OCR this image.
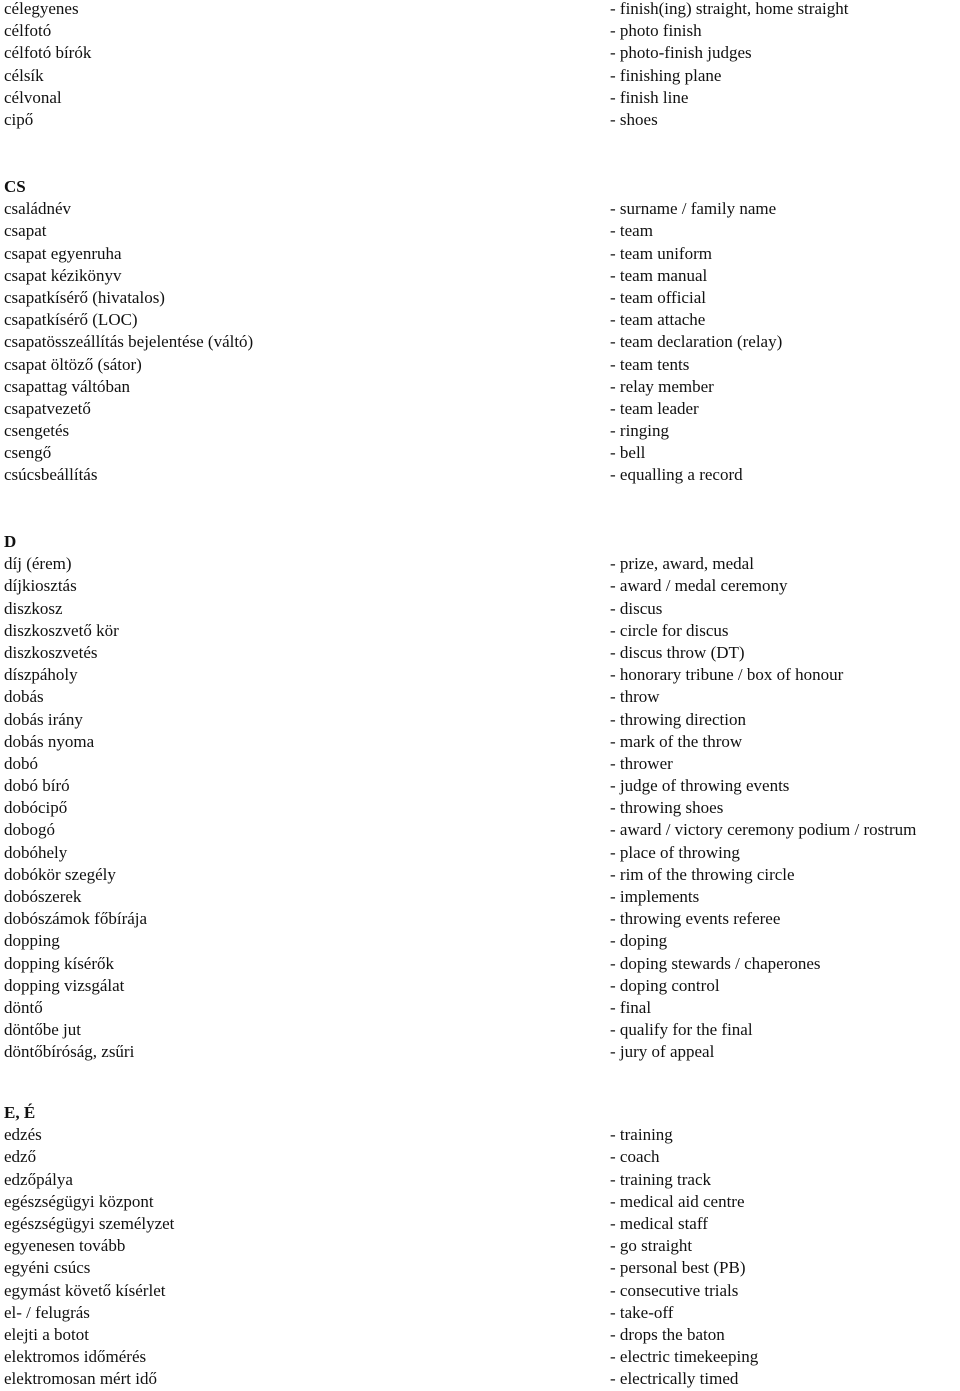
célegyenes	- finish(ing) straight, home straight
célfotó	- photo finish
célfotó bírók	- photo-finish judges
célsík	- finishing plane
célvonal	- finish line
cipő	- shoes
CS
családnév	- surname / family name
csapat	- team
csapat egyenruha	- team uniform
csapat kézikönyv	- team manual
csapatkísérő (hivatalos)	- team official
csapatkísérő (LOC)	- team attache
csapatösszeállítás bejelentése (váltó)	- team declaration (relay)
csapat öltöző (sátor)	- team tents
csapattag váltóban	- relay member
csapatvezető	- team leader
csengetés	- ringing
csengő	- bell
csúcsbeállítás	- equalling a record
D
díj (érem)	- prize, award, medal
díjkiosztás	- award / medal ceremony
diszkosz	- discus
diszkoszvető kör	- circle for discus
diszkoszvetés	- discus throw (DT)
díszpáholy	- honorary tribune / box of honour
dobás	- throw
dobás irány	- throwing direction
dobás nyoma	- mark of the throw
dobó	- thrower
dobó bíró	- judge of throwing events
dobócipő	- throwing shoes
dobogó	- award / victory ceremony podium / rostrum
dobóhely	- place of throwing
dobókör szegély	- rim of the throwing circle
dobószerek	- implements
dobószámok főbírája	- throwing events referee
dopping	- doping
dopping kísérők	- doping stewards / chaperones
dopping vizsgálat	- doping control
döntő	- final
döntőbe jut	- qualify for the final
döntőbíróság, zsűri	- jury of appeal
E, É
edzés	- training
edző	- coach
edzőpálya	- training track
egészségügyi központ	- medical aid centre
egészségügyi személyzet	- medical staff
egyenesen tovább	- go straight
egyéni csúcs	- personal best (PB)
egymást követő kísérlet	- consecutive trials
el- / felugrás	- take-off
elejti a botot	- drops the baton
elektromos időmérés	- electric timekeeping
elektromosan mért idő	- electrically timed
